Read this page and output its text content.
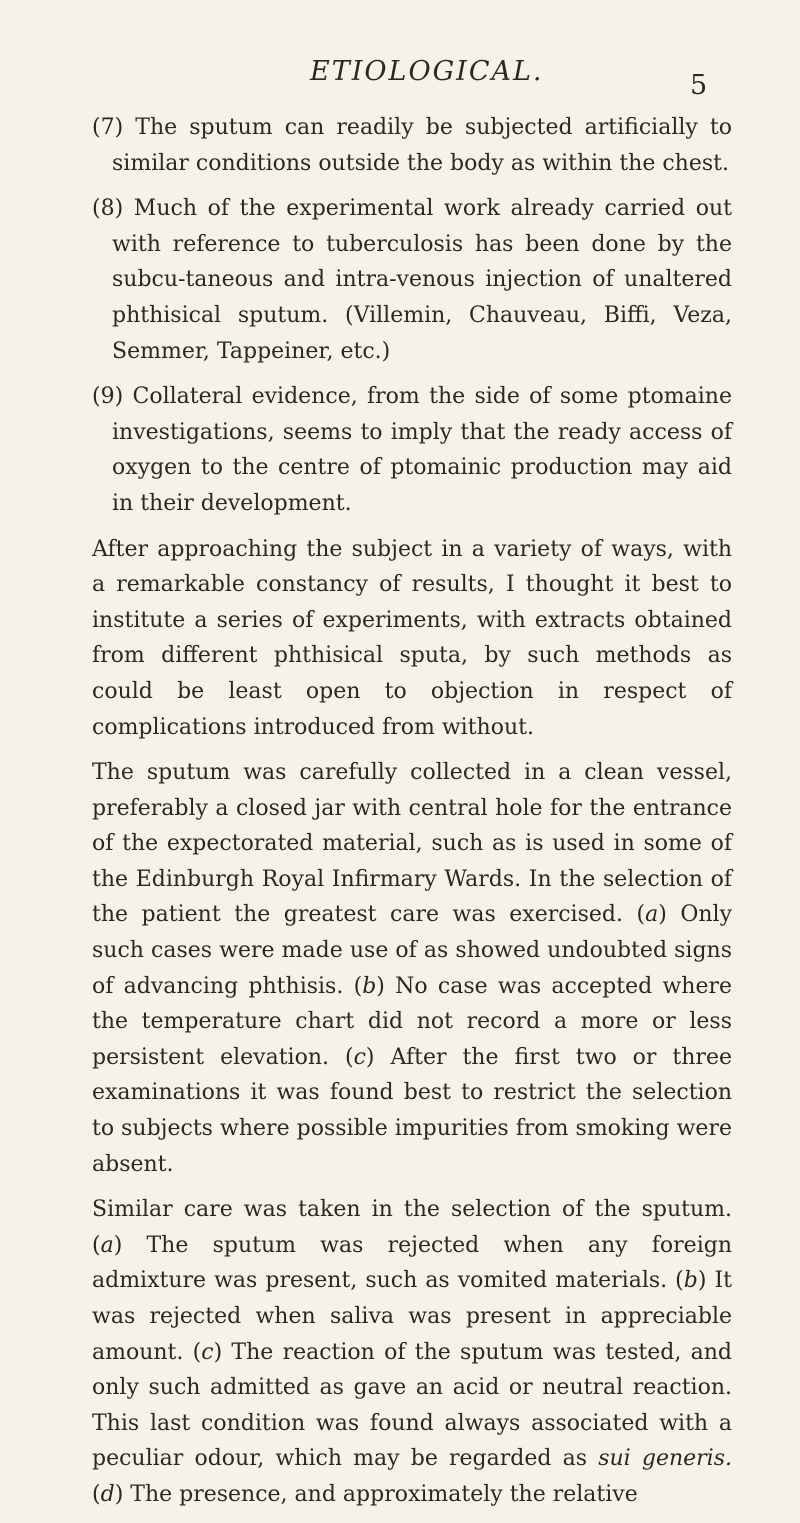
ETIOLOGICAL.	5

(7) The sputum can readily be subjected artificially to similar conditions outside the body as within the chest.

(8) Much of the experimental work already carried out with reference to tuberculosis has been done by the subcu-taneous and intra-venous injection of unaltered phthisical sputum. (Villemin, Chauveau, Biffi, Veza, Semmer, Tappeiner, etc.)

(9) Collateral evidence, from the side of some ptomaine investigations, seems to imply that the ready access of oxygen to the centre of ptomainic production may aid in their development.

After approaching the subject in a variety of ways, with a remarkable constancy of results, I thought it best to institute a series of experiments, with extracts obtained from different phthisical sputa, by such methods as could be least open to objection in respect of complications introduced from without.

The sputum was carefully collected in a clean vessel, preferably a closed jar with central hole for the entrance of the expectorated material, such as is used in some of the Edinburgh Royal Infirmary Wards. In the selection of the patient the greatest care was exercised. (a) Only such cases were made use of as showed undoubted signs of advancing phthisis. (b) No case was accepted where the temperature chart did not record a more or less persistent elevation. (c) After the first two or three examinations it was found best to restrict the selection to subjects where possible impurities from smoking were absent.

Similar care was taken in the selection of the sputum. (a) The sputum was rejected when any foreign admixture was present, such as vomited materials. (b) It was rejected when saliva was present in appreciable amount. (c) The reaction of the sputum was tested, and only such admitted as gave an acid or neutral reaction. This last condition was found always associated with a peculiar odour, which may be regarded as sui generis. (d) The presence, and approximately the relative
